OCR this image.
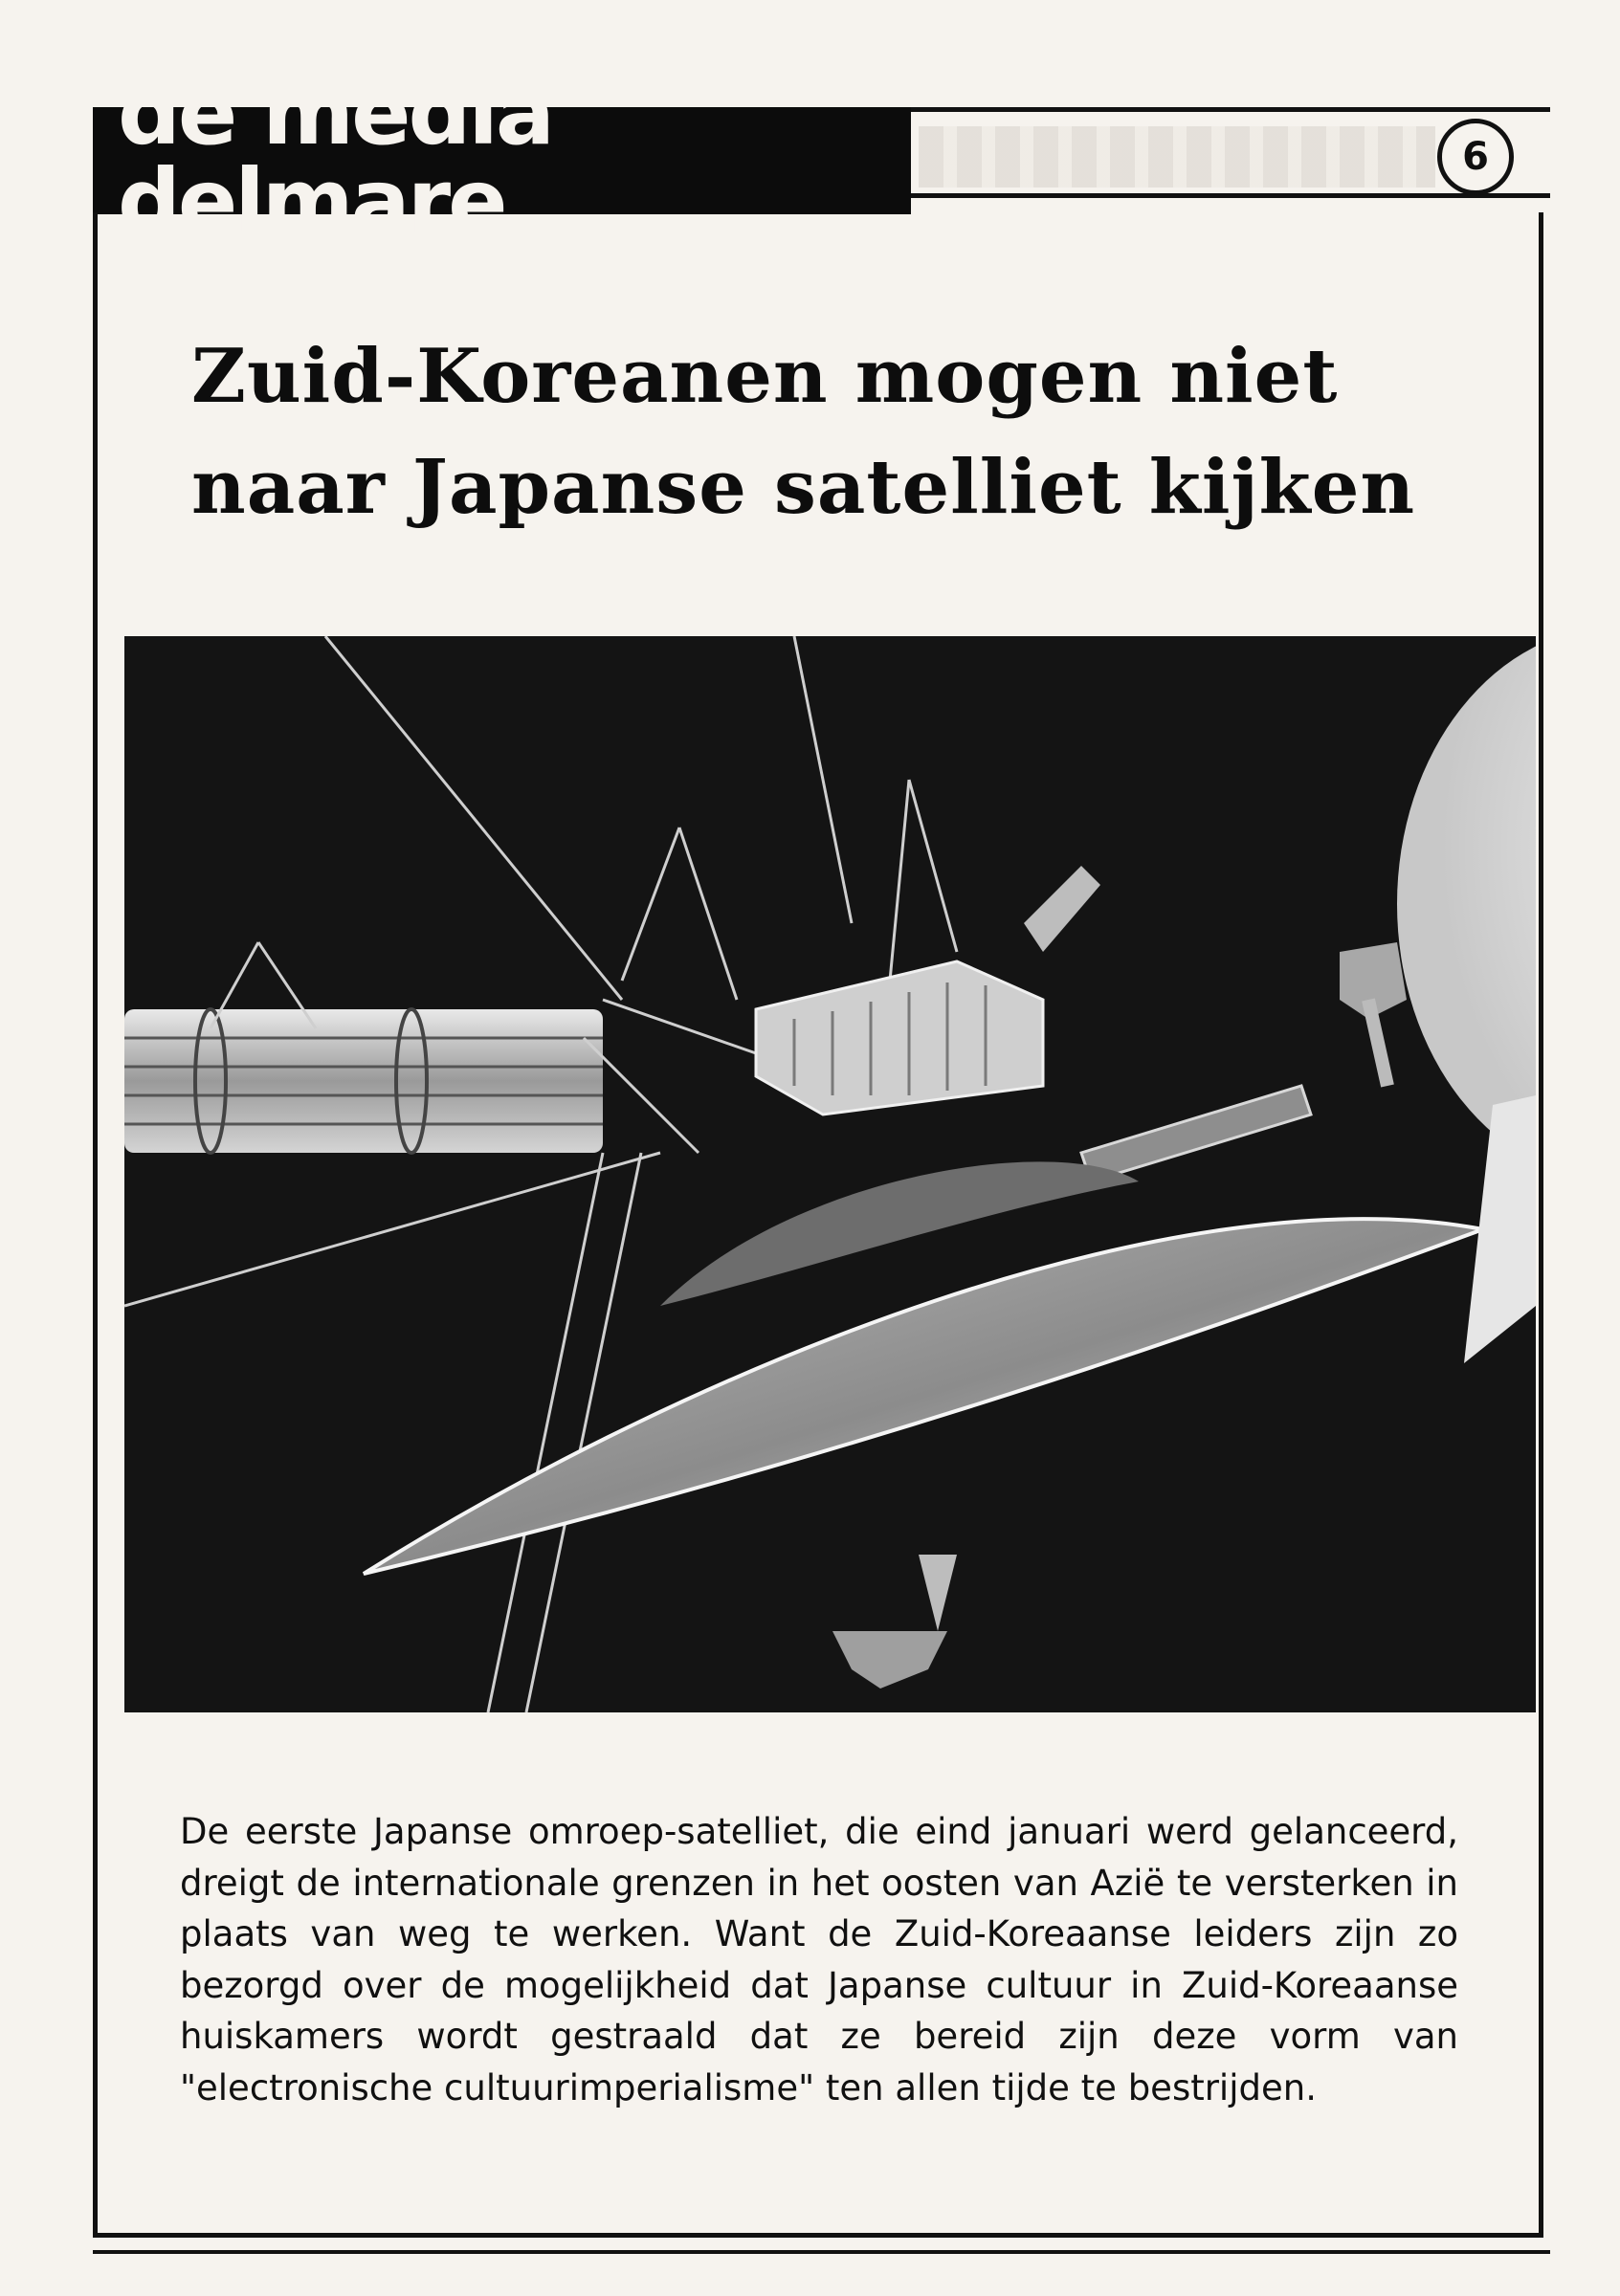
de media delmare	6
Zuid-Koreanen mogen niet
naar Japanse satelliet kijken

De eerste Japanse omroep-satelliet, die eind januari werd gelanceerd, dreigt de internationale grenzen in het oosten van Azië te versterken in plaats van weg te werken. Want de Zuid-Koreaanse leiders zijn zo bezorgd over de mogelijkheid dat Japanse cultuur in Zuid-Koreaanse huiskamers wordt gestraald dat ze bereid zijn deze vorm van "electronische cultuurimperialisme" ten allen tijde te bestrijden.
